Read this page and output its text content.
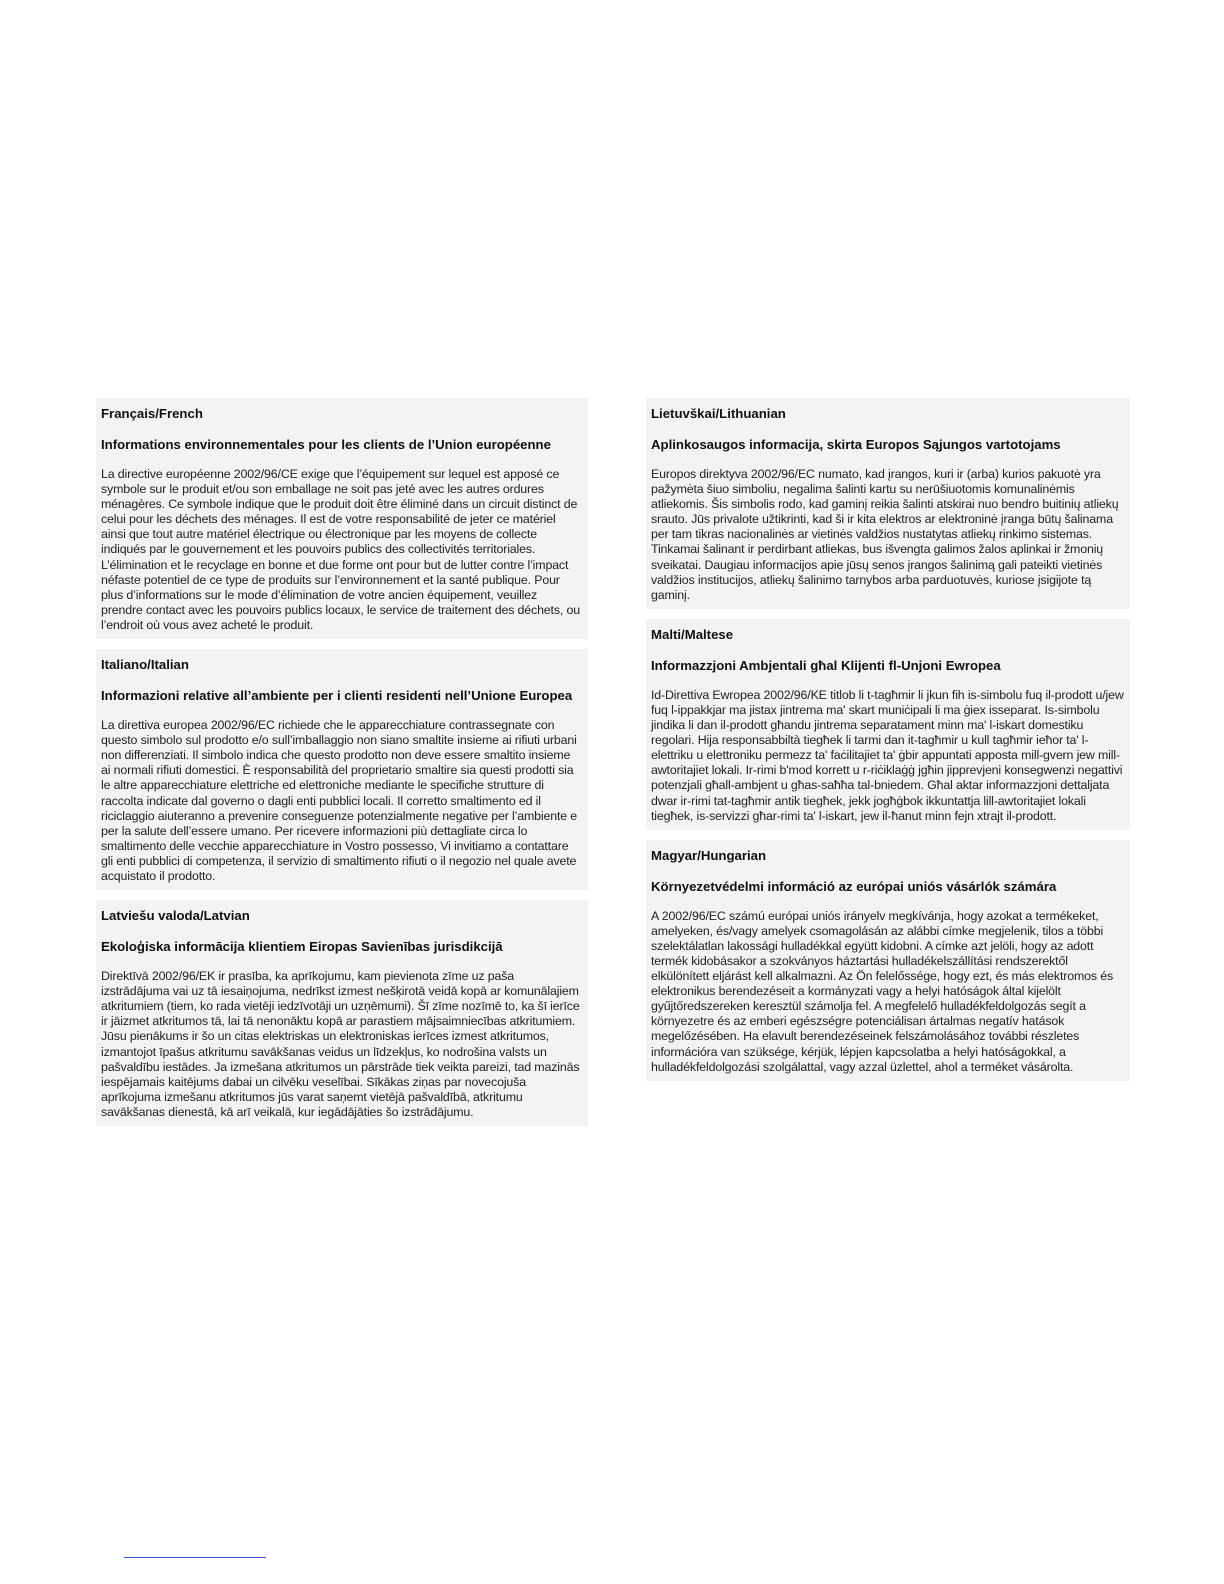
Français/French

Informations environnementales pour les clients de l’Union européenne

La directive européenne 2002/96/CE exige que l’équipement sur lequel est apposé ce symbole sur le produit et/ou son emballage ne soit pas jeté avec les autres ordures ménagères. Ce symbole indique que le produit doit être éliminé dans un circuit distinct de celui pour les déchets des ménages. Il est de votre responsabilité de jeter ce matériel ainsi que tout autre matériel électrique ou électronique par les moyens de collecte indiqués par le gouvernement et les pouvoirs publics des collectivités territoriales. L’élimination et le recyclage en bonne et due forme ont pour but de lutter contre l’impact néfaste potentiel de ce type de produits sur l’environnement et la santé publique. Pour plus d’informations sur le mode d’élimination de votre ancien équipement, veuillez prendre contact avec les pouvoirs publics locaux, le service de traitement des déchets, ou l’endroit où vous avez acheté le produit.

Italiano/Italian

Informazioni relative all’ambiente per i clienti residenti nell’Unione Europea

La direttiva europea 2002/96/EC richiede che le apparecchiature contrassegnate con questo simbolo sul prodotto e/o sull’imballaggio non siano smaltite insieme ai rifiuti urbani non differenziati. Il simbolo indica che questo prodotto non deve essere smaltito insieme ai normali rifiuti domestici. È responsabilità del proprietario smaltire sia questi prodotti sia le altre apparecchiature elettriche ed elettroniche mediante le specifiche strutture di raccolta indicate dal governo o dagli enti pubblici locali. Il corretto smaltimento ed il riciclaggio aiuteranno a prevenire conseguenze potenzialmente negative per l’ambiente e per la salute dell’essere umano. Per ricevere informazioni più dettagliate circa lo smaltimento delle vecchie apparecchiature in Vostro possesso, Vi invitiamo a contattare gli enti pubblici di competenza, il servizio di smaltimento rifiuti o il negozio nel quale avete acquistato il prodotto.

Latviešu valoda/Latvian

Ekoloģiska informācija klientiem Eiropas Savienības jurisdikcijā

Direktīvā 2002/96/EK ir prasība, ka aprīkojumu, kam pievienota zīme uz paša izstrādājuma vai uz tā iesaiņojuma, nedrīkst izmest nešķirotā veidā kopā ar komunālajiem atkritumiem (tiem, ko rada vietēji iedzīvotāji un uzņēmumi). Šī zīme nozīmē to, ka šī ierīce ir jāizmet atkritumos tā, lai tā nenonāktu kopā ar parastiem mājsaimniecības atkritumiem. Jūsu pienākums ir šo un citas elektriskas un elektroniskas ierīces izmest atkritumos, izmantojot īpašus atkritumu savākšanas veidus un līdzekļus, ko nodrošina valsts un pašvaldību iestādes. Ja izmešana atkritumos un pārstrāde tiek veikta pareizi, tad mazinās iespējamais kaitējums dabai un cilvēku veselībai. Sīkākas ziņas par novecojuša aprīkojuma izmešanu atkritumos jūs varat saņemt vietējā pašvaldībā, atkritumu savākšanas dienestā, kā arī veikalā, kur iegādājāties šo izstrādājumu.

Lietuvškai/Lithuanian

Aplinkosaugos informacija, skirta Europos Sąjungos vartotojams

Europos direktyva 2002/96/EC numato, kad įrangos, kuri ir (arba) kurios pakuotė yra pažymėta šiuo simboliu, negalima šalinti kartu su nerūšiuotomis komunalinėmis atliekomis. Šis simbolis rodo, kad gaminį reikia šalinti atskirai nuo bendro buitinių atliekų srauto. Jūs privalote užtikrinti, kad ši ir kita elektros ar elektroninė įranga būtų šalinama per tam tikras nacionalinės ar vietinės valdžios nustatytas atliekų rinkimo sistemas. Tinkamai šalinant ir perdirbant atliekas, bus išvengta galimos žalos aplinkai ir žmonių sveikatai. Daugiau informacijos apie jūsų senos įrangos šalinimą gali pateikti vietinės valdžios institucijos, atliekų šalinimo tarnybos arba parduotuvės, kuriose įsigijote tą gaminį.

Malti/Maltese

Informazzjoni Ambjentali għal Klijenti fl-Unjoni Ewropea

Id-Direttiva Ewropea 2002/96/KE titlob li t-tagħmir li jkun fih is-simbolu fuq il-prodott u/jew fuq l-ippakkjar ma jistax jintrema ma' skart muniċipali li ma ġiex isseparat. Is-simbolu jindika li dan il-prodott għandu jintrema separatament minn ma' l-iskart domestiku regolari. Hija responsabbiltà tiegħek li tarmi dan it-tagħmir u kull tagħmir ieħor ta' l-elettriku u elettroniku permezz ta' faċilitajiet ta' ġbir appuntati apposta mill-gvern jew mill-awtoritajiet lokali. Ir-rimi b'mod korrett u r-riċiklaġġ jgħin jipprevjeni konsegwenzi negattivi potenzjali għall-ambjent u għas-saħħa tal-bniedem. Għal aktar informazzjoni dettaljata dwar ir-rimi tat-tagħmir antik tiegħek, jekk jogħġbok ikkuntattja lill-awtoritajiet lokali tiegħek, is-servizzi għar-rimi ta' l-iskart, jew il-ħanut minn fejn xtrajt il-prodott.

Magyar/Hungarian

Környezetvédelmi információ az európai uniós vásárlók számára

A 2002/96/EC számú európai uniós irányelv megkívánja, hogy azokat a termékeket, amelyeken, és/vagy amelyek csomagolásán az alábbi címke megjelenik, tilos a többi szelektálatlan lakossági hulladékkal együtt kidobni. A címke azt jelöli, hogy az adott termék kidobásakor a szokványos háztartási hulladékelszállítási rendszerektől elkülönített eljárást kell alkalmazni. Az Ön felelőssége, hogy ezt, és más elektromos és elektronikus berendezéseit a kormányzati vagy a helyi hatóságok által kijelölt gyűjtőredszereken keresztül számolja fel. A megfelelő hulladékfeldolgozás segít a környezetre és az emberi egészségre potenciálisan ártalmas negatív hatások megelőzésében. Ha elavult berendezéseinek felszámolásához további részletes információra van szüksége, kérjük, lépjen kapcsolatba a helyi hatóságokkal, a hulladékfeldolgozási szolgálattal, vagy azzal üzlettel, ahol a terméket vásárolta.
